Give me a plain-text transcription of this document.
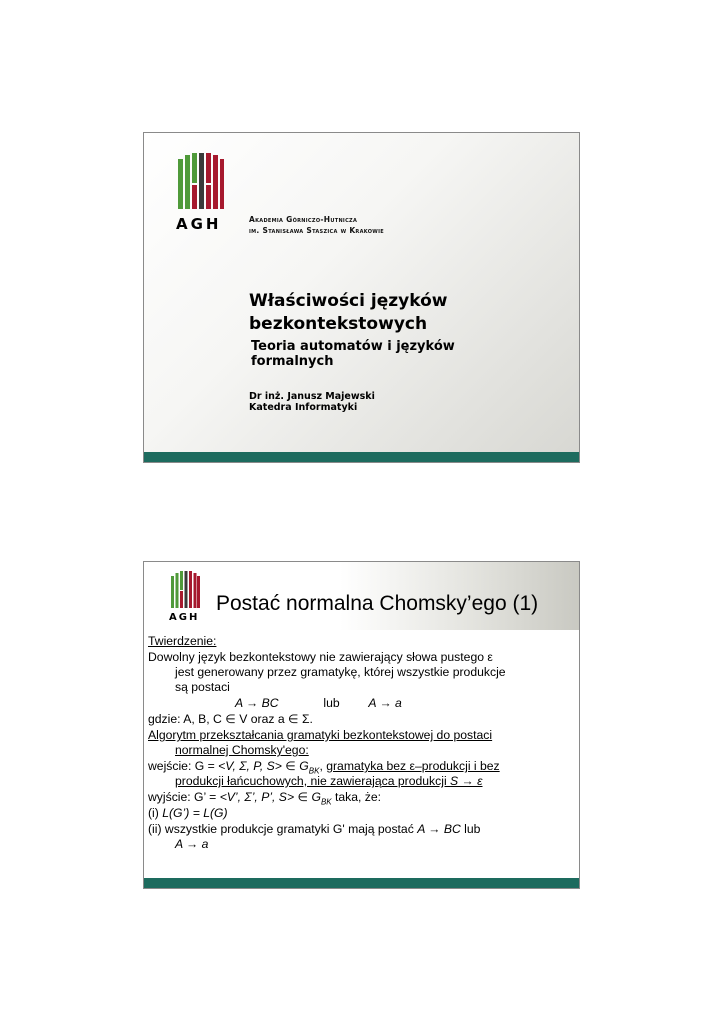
AGH	Akademia Górniczo-Hutnicza
im. Stanisława Staszica w Krakowie
Właściwości języków
bezkontekstowych
Teoria automatów i języków
formalnych
Dr inż. Janusz Majewski
Katedra Informatyki
AGH
Postać normalna Chomsky’ego (1)
Twierdzenie:
Dowolny język bezkontekstowy nie zawierający słowa pustego ε
jest generowany przez gramatykę, której wszystkie produkcje
są postaci
A → BC	lub A → a
gdzie: A, B, C ∈ V oraz a ∈ Σ.
Algorytm przekształcania gramatyki bezkontekstowej do postaci
normalnej Chomsky'ego:
wejście: G = <V, Σ, P, S> ∈ $G_{BK}$, gramatyka bez ε–produkcji i bez
produkcji łańcuchowych, nie zawierająca produkcji S → ε
wyjście: G’ = <V’, Σ’, P’, S> ∈ $G_{BK}$ taka, że:
(i) L(G’) = L(G)
(ii) wszystkie produkcje gramatyki G' mają postać A → BC lub
A → a
